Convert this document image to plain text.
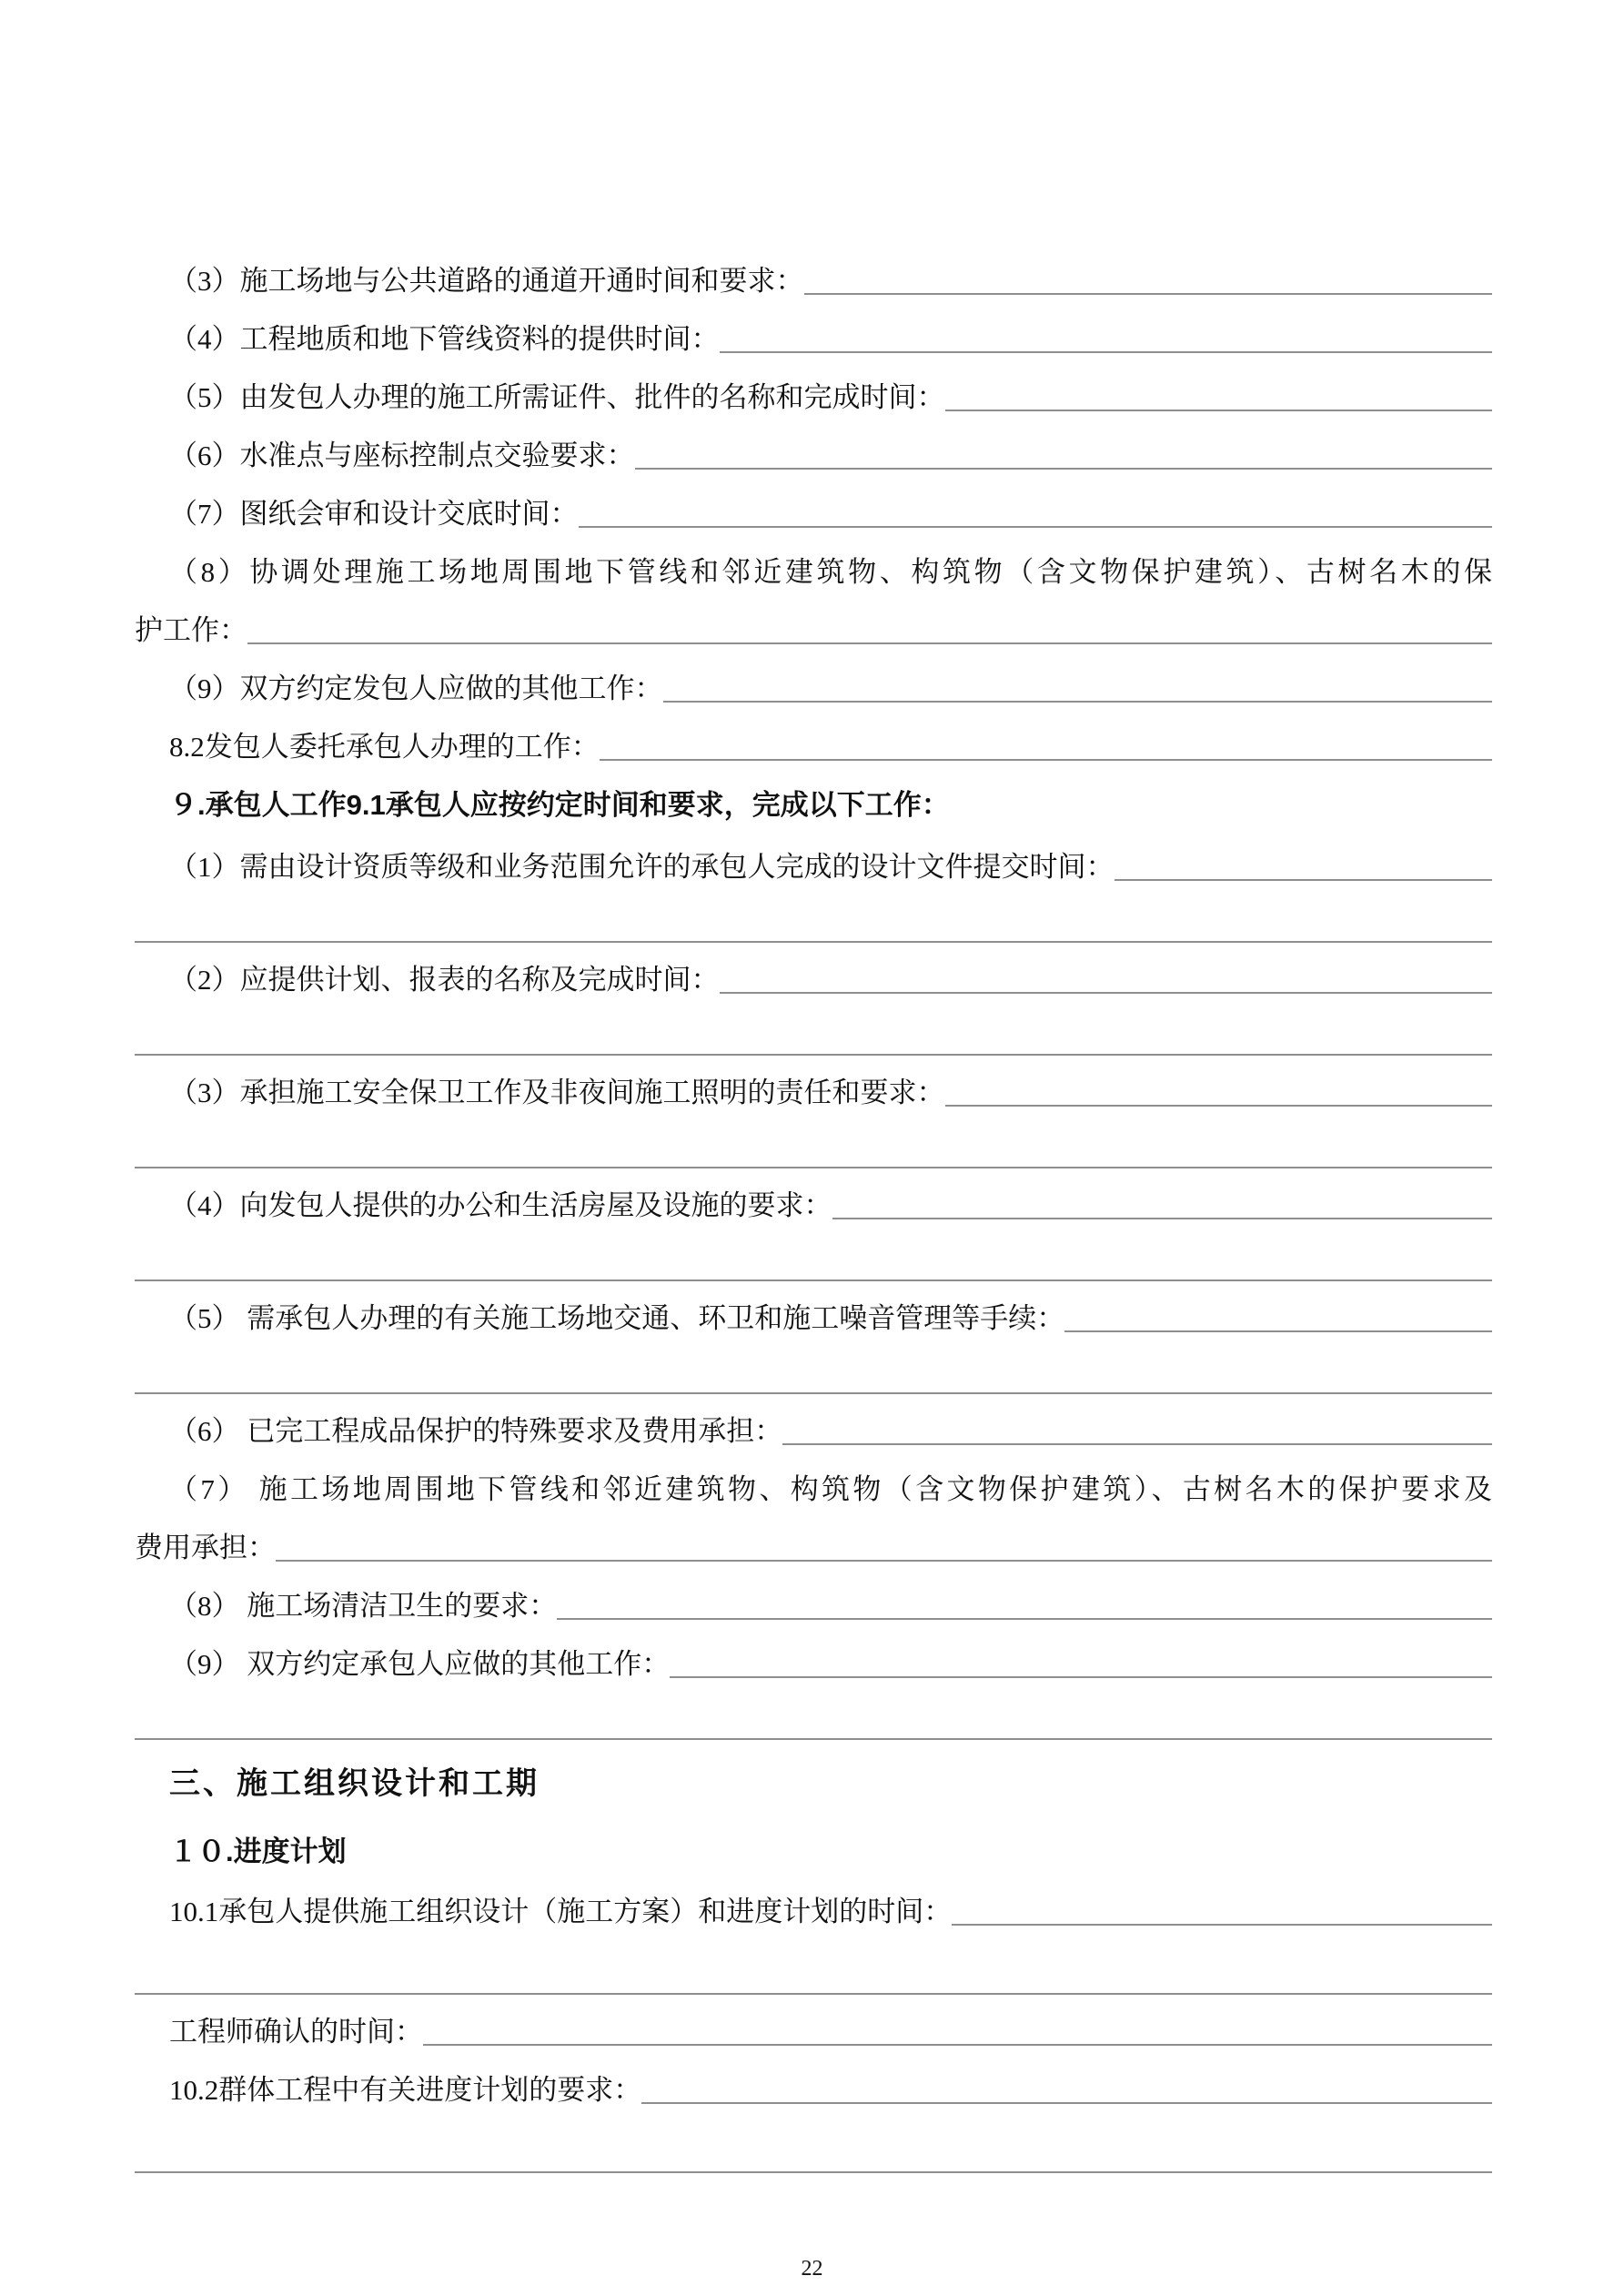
（3）施工场地与公共道路的通道开通时间和要求：
（4）工程地质和地下管线资料的提供时间：
（5）由发包人办理的施工所需证件、批件的名称和完成时间：
（6）水准点与座标控制点交验要求：
（7）图纸会审和设计交底时间：
（8）协调处理施工场地周围地下管线和邻近建筑物、构筑物（含文物保护建筑）、古树名木的保
护工作：
（9）双方约定发包人应做的其他工作：
8.2发包人委托承包人办理的工作：
９.承包人工作9.1承包人应按约定时间和要求，完成以下工作：
（1）需由设计资质等级和业务范围允许的承包人完成的设计文件提交时间：
（2）应提供计划、报表的名称及完成时间：
（3）承担施工安全保卫工作及非夜间施工照明的责任和要求：
（4）向发包人提供的办公和生活房屋及设施的要求：
（5） 需承包人办理的有关施工场地交通、环卫和施工噪音管理等手续：
（6） 已完工程成品保护的特殊要求及费用承担：
（7） 施工场地周围地下管线和邻近建筑物、构筑物（含文物保护建筑）、古树名木的保护要求及
费用承担：
（8） 施工场清洁卫生的要求：
（9） 双方约定承包人应做的其他工作：
三、施工组织设计和工期
１０.进度计划
10.1承包人提供施工组织设计（施工方案）和进度计划的时间：
工程师确认的时间：
10.2群体工程中有关进度计划的要求：
22
